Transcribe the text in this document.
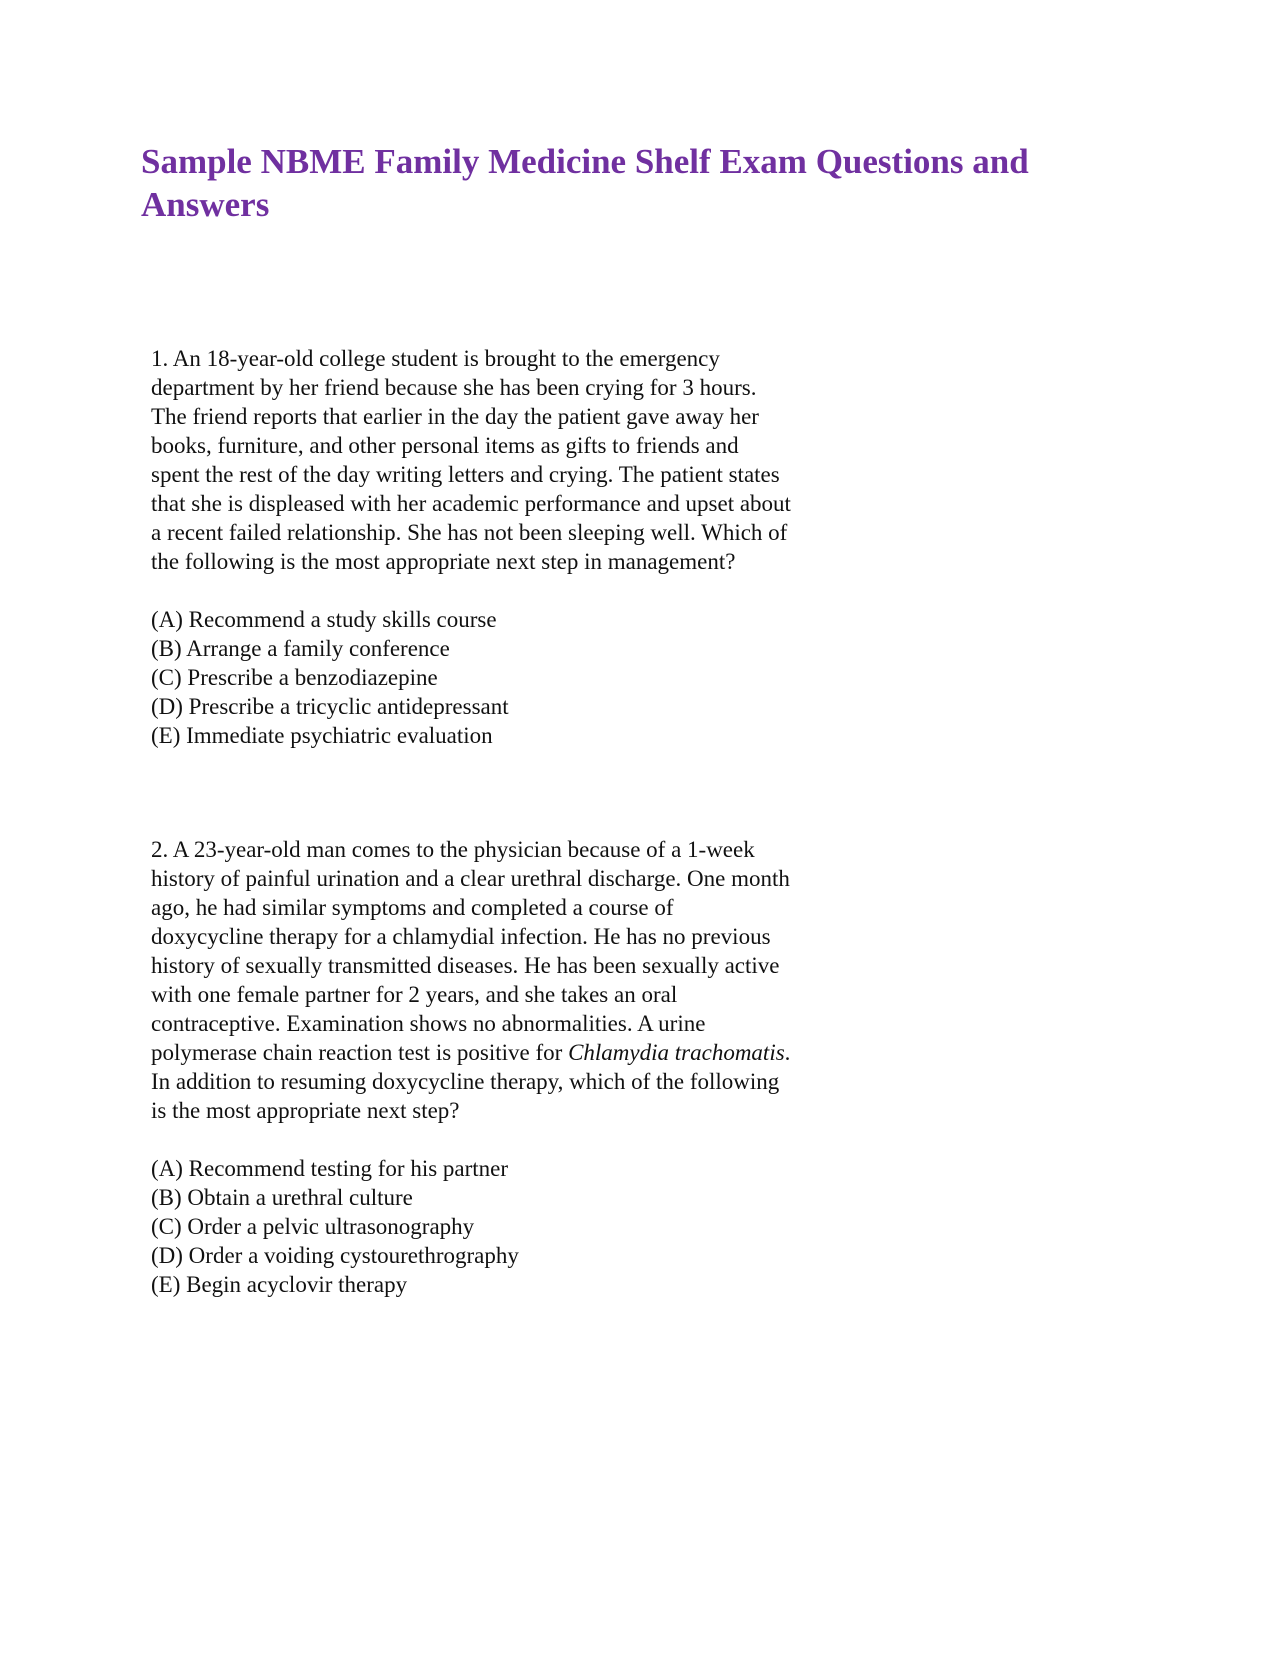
Sample NBME Family Medicine Shelf Exam Questions and Answers

1. An 18-year-old college student is brought to the emergency department by her friend because she has been crying for 3 hours. The friend reports that earlier in the day the patient gave away her books, furniture, and other personal items as gifts to friends and spent the rest of the day writing letters and crying. The patient states that she is displeased with her academic performance and upset about a recent failed relationship. She has not been sleeping well. Which of the following is the most appropriate next step in management?

(A) Recommend a study skills course
(B) Arrange a family conference
(C) Prescribe a benzodiazepine
(D) Prescribe a tricyclic antidepressant
(E) Immediate psychiatric evaluation

2. A 23-year-old man comes to the physician because of a 1-week history of painful urination and a clear urethral discharge. One month ago, he had similar symptoms and completed a course of doxycycline therapy for a chlamydial infection. He has no previous history of sexually transmitted diseases. He has been sexually active with one female partner for 2 years, and she takes an oral contraceptive. Examination shows no abnormalities. A urine polymerase chain reaction test is positive for Chlamydia trachomatis. In addition to resuming doxycycline therapy, which of the following is the most appropriate next step?

(A) Recommend testing for his partner
(B) Obtain a urethral culture
(C) Order a pelvic ultrasonography
(D) Order a voiding cystourethrography
(E) Begin acyclovir therapy
